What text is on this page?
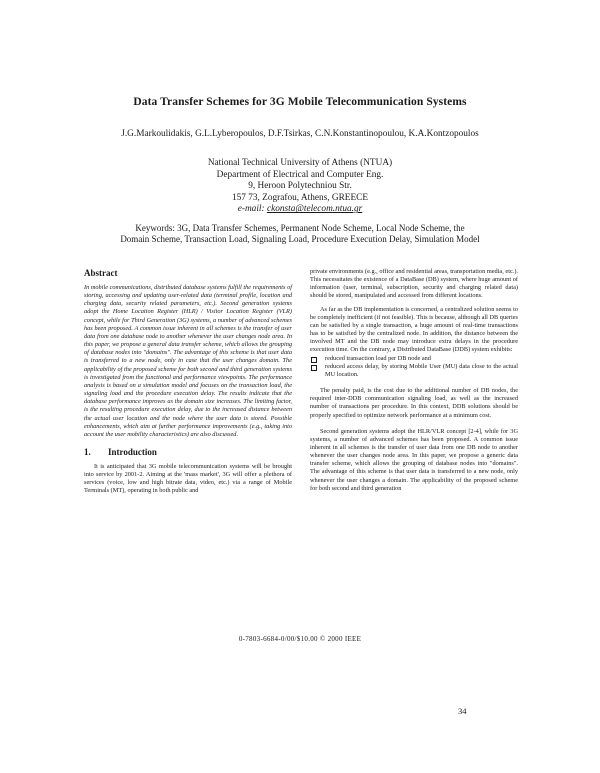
Data Transfer Schemes for 3G Mobile Telecommunication Systems
J.G.Markoulidakis, G.L.Lyberopoulos, D.F.Tsirkas, C.N.Konstantinopoulou, K.A.Kontzopoulos
National Technical University of Athens (NTUA)
Department of Electrical and Computer Eng.
9, Heroon Polytechniou Str.
157 73, Zografou, Athens, GREECE
e-mail: ckonsta@telecom.ntua.gr
Keywords: 3G, Data Transfer Schemes, Permanent Node Scheme, Local Node Scheme, the
Domain Scheme, Transaction Load, Signaling Load, Procedure Execution Delay, Simulation Model
Abstract

In mobile communications, distributed database systems fulfill the requirements of storing, accessing and updating user-related data (terminal profile, location and charging data, security related parameters, etc.). Second generation systems adopt the Home Location Register (HLR) / Visitor Location Register (VLR) concept, while for Third Generation (3G) systems, a number of advanced schemes has been proposed. A common issue inherent in all schemes is the transfer of user data from one database node to another whenever the user changes node area. In this paper, we propose a general data transfer scheme, which allows the grouping of database nodes into "domains". The advantage of this scheme is that user data is transferred to a new node, only in case that the user changes domain. The applicability of the proposed scheme for both second and third generation systems is investigated from the functional and performance viewpoints. The performance analysis is based on a simulation model and focuses on the transaction load, the signaling load and the procedure execution delay. The results indicate that the database performance improves as the domain size increases. The limiting factor, is the resulting procedure execution delay, due to the increased distance between the actual user location and the node where the user data is stored. Possible enhancements, which aim at further performance improvements (e.g., taking into account the user mobility characteristics) are also discussed.

1. Introduction

It is anticipated that 3G mobile telecommunication systems will be brought into service by 2001-2. Aiming at the 'mass market', 3G will offer a plethora of services (voice, low and high bitrate data, video, etc.) via a range of Mobile Terminals (MT), operating in both public and

private environments (e.g., office and residential areas, transportation media, etc.). This necessitates the existence of a DataBase (DB) system, where huge amount of information (user, terminal, subscription, security and charging related data) should be stored, manipulated and accessed from different locations.

As far as the DB implementation is concerned, a centralized solution seems to be completely inefficient (if not feasible). This is because, although all DB queries can be satisfied by a single transaction, a huge amount of real-time transactions has to be satisfied by the centralized node. In addition, the distance between the involved MT and the DB node may introduce extra delays in the procedure execution time. On the contrary, a Distributed DataBase (DDB) system exhibits:

reduced transaction load per DB node and
reduced access delay, by storing Mobile User (MU) data close to the actual MU location.

The penalty paid, is the cost due to the additional number of DB nodes, the required inter-DDB communication signaling load, as well as the increased number of transactions per procedure. In this context, DDB solutions should be properly specified to optimize network performance at a minimum cost.

Second generation systems adopt the HLR/VLR concept [2-4], while for 3G systems, a number of advanced schemes has been proposed. A common issue inherent in all schemes is the transfer of user data from one DB node to another whenever the user changes node area. In this paper, we propose a generic data transfer scheme, which allows the grouping of database nodes into "domains". The advantage of this scheme is that user data is transferred to a new node, only whenever the user changes a domain. The applicability of the proposed scheme for both second and third generation

0-7803-6684-0/00/$10.00 © 2000 IEEE
34
